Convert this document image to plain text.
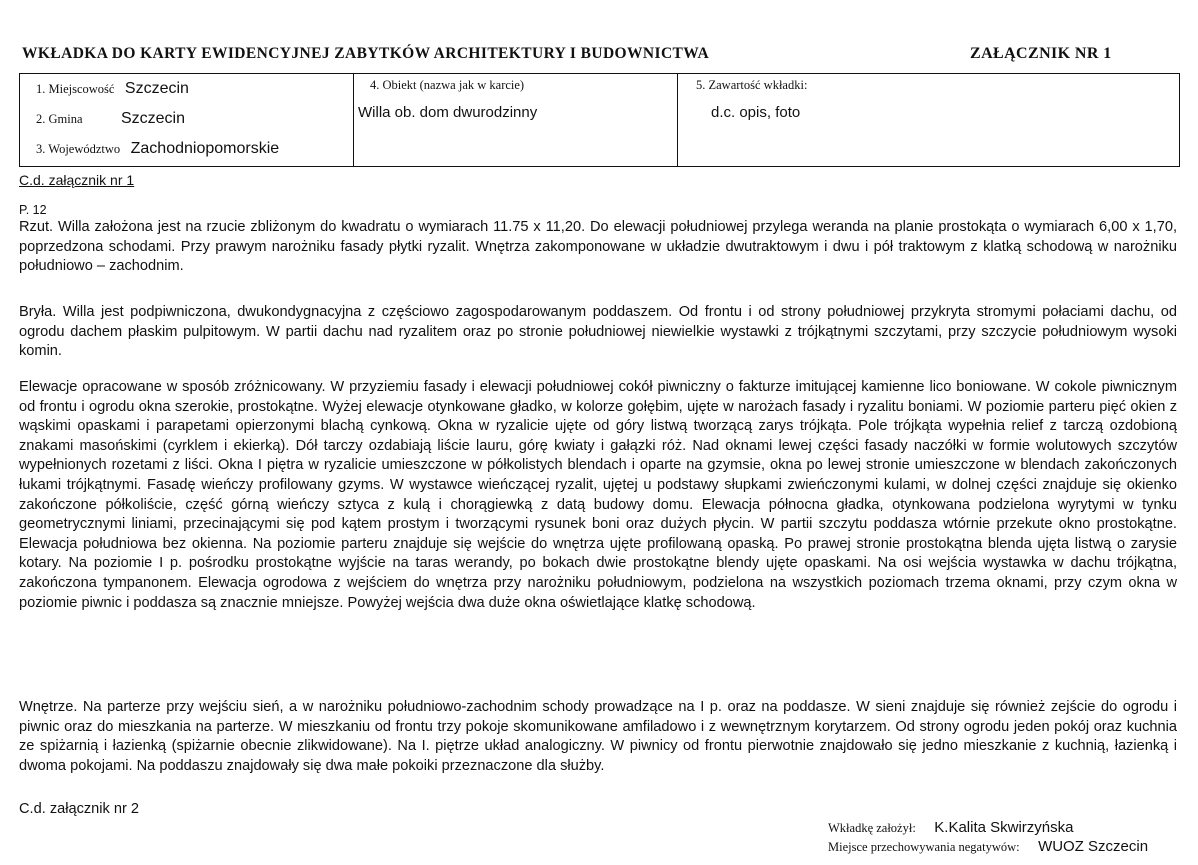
WKŁADKA DO KARTY EWIDENCYJNEJ ZABYTKÓW ARCHITEKTURY I BUDOWNICTWA	ZAŁĄCZNIK NR 1
1. Miejscowość Szczecin
2. Gmina Szczecin
3. Województwo Zachodniopomorskie
4. Obiekt (nazwa jak w karcie)
Willa ob. dom dwurodzinny
5. Zawartość wkładki:
d.c. opis, foto
C.d. załącznik nr 1
P. 12

Rzut. Willa założona jest na rzucie zbliżonym do kwadratu o wymiarach 11.75 x 11,20. Do elewacji południowej przylega weranda na planie prostokąta o wymiarach 6,00 x 1,70, poprzedzona schodami. Przy prawym narożniku fasady płytki ryzalit. Wnętrza zakomponowane w układzie dwutraktowym i dwu i pół traktowym z klatką schodową w narożniku południowo – zachodnim.

Bryła. Willa jest podpiwniczona, dwukondygnacyjna z częściowo zagospodarowanym poddaszem. Od frontu i od strony południowej przykryta stromymi połaciami dachu, od ogrodu dachem płaskim pulpitowym. W partii dachu nad ryzalitem oraz po stronie południowej niewielkie wystawki z trójkątnymi szczytami, przy szczycie południowym wysoki komin.

Elewacje opracowane w sposób zróżnicowany. W przyziemiu fasady i elewacji południowej cokół piwniczny o fakturze imitującej kamienne lico boniowane. W cokole piwnicznym od frontu i ogrodu okna szerokie, prostokątne. Wyżej elewacje otynkowane gładko, w kolorze gołębim, ujęte w narożach fasady i ryzalitu boniami. W poziomie parteru pięć okien z wąskimi opaskami i parapetami opierzonymi blachą cynkową. Okna w ryzalicie ujęte od góry listwą tworzącą zarys trójkąta. Pole trójkąta wypełnia relief z tarczą ozdobioną znakami masońskimi (cyrklem i ekierką). Dół tarczy ozdabiają liście lauru, górę kwiaty i gałązki róż. Nad oknami lewej części fasady naczółki w formie wolutowych szczytów wypełnionych rozetami z liści. Okna I piętra w ryzalicie umieszczone w półkolistych blendach i oparte na gzymsie, okna po lewej stronie umieszczone w blendach zakończonych łukami trójkątnymi. Fasadę wieńczy profilowany gzyms. W wystawce wieńczącej ryzalit, ujętej u podstawy słupkami zwieńczonymi kulami, w dolnej części znajduje się okienko zakończone półkoliście, część górną wieńczy sztyca z kulą i chorągiewką z datą budowy domu. Elewacja północna gładka, otynkowana podzielona wyrytymi w tynku geometrycznymi liniami, przecinającymi się pod kątem prostym i tworzącymi rysunek boni oraz dużych płycin. W partii szczytu poddasza wtórnie przekute okno prostokątne. Elewacja południowa bez okienna. Na poziomie parteru znajduje się wejście do wnętrza ujęte profilowaną opaską. Po prawej stronie prostokątna blenda ujęta listwą o zarysie kotary. Na poziomie I p. pośrodku prostokątne wyjście na taras werandy, po bokach dwie prostokątne blendy ujęte opaskami. Na osi wejścia wystawka w dachu trójkątna, zakończona tympanonem. Elewacja ogrodowa z wejściem do wnętrza przy narożniku południowym, podzielona na wszystkich poziomach trzema oknami, przy czym okna w poziomie piwnic i poddasza są znacznie mniejsze. Powyżej wejścia dwa duże okna oświetlające klatkę schodową.

Wnętrze. Na parterze przy wejściu sień, a w narożniku południowo-zachodnim schody prowadzące na I p. oraz na poddasze. W sieni znajduje się również zejście do ogrodu i piwnic oraz do mieszkania na parterze. W mieszkaniu od frontu trzy pokoje skomunikowane amfiladowo i z wewnętrznym korytarzem. Od strony ogrodu jeden pokój oraz kuchnia ze spiżarnią i łazienką (spiżarnie obecnie zlikwidowane). Na I. piętrze układ analogiczny. W piwnicy od frontu pierwotnie znajdowało się jedno mieszkanie z kuchnią, łazienką i dwoma pokojami. Na poddaszu znajdowały się dwa małe pokoiki przeznaczone dla służby.

C.d. załącznik nr 2
Wkładkę założył: K.Kalita Skwirzyńska
Miejsce przechowywania negatywów: WUOZ Szczecin
